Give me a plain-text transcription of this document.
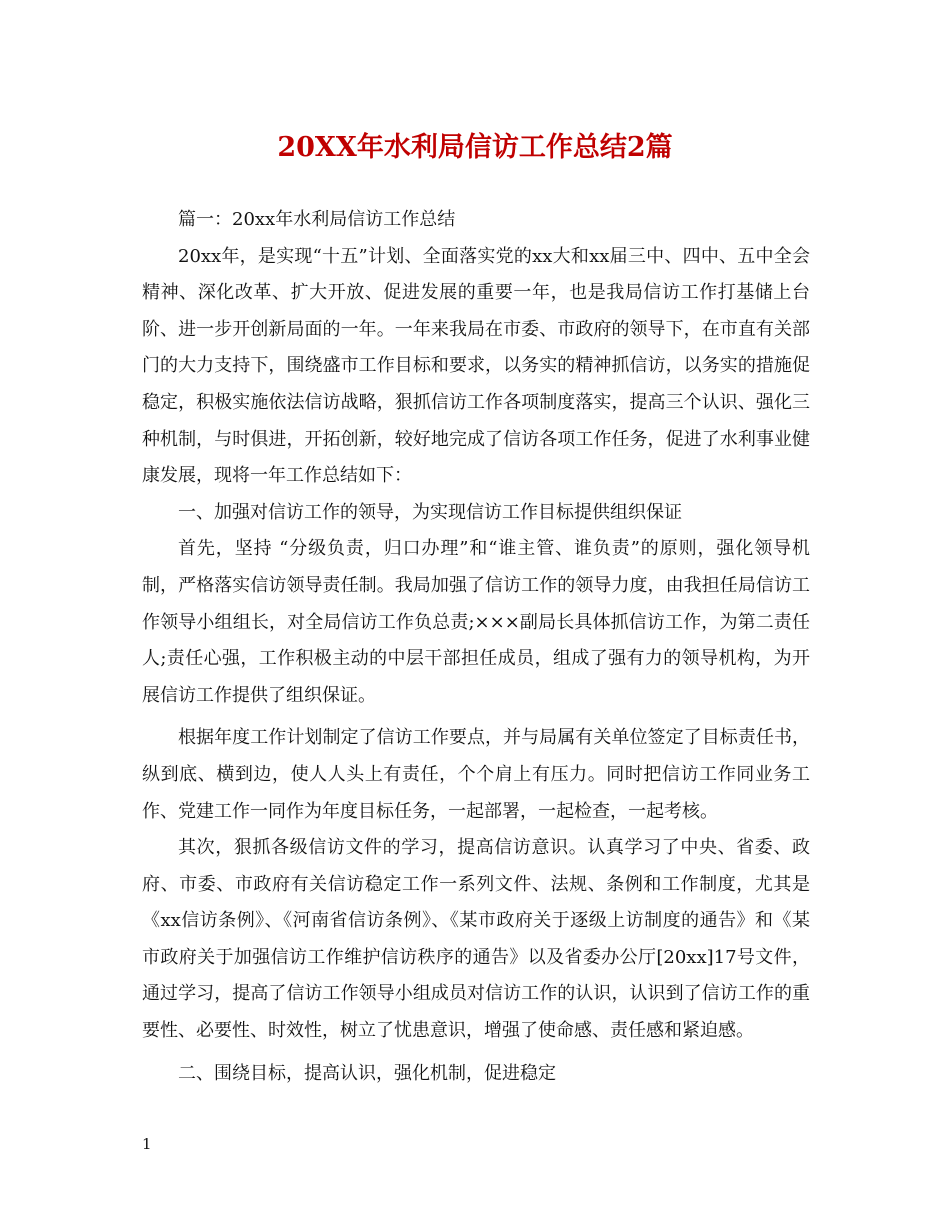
20XX年水利局信访工作总结2篇

篇一：20xx年水利局信访工作总结

20xx年，是实现“十五”计划、全面落实党的xx大和xx届三中、四中、五中全会精神、深化改革、扩大开放、促进发展的重要一年，也是我局信访工作打基储上台阶、进一步开创新局面的一年。一年来我局在市委、市政府的领导下，在市直有关部门的大力支持下，围绕盛市工作目标和要求，以务实的精神抓信访，以务实的措施促稳定，积极实施依法信访战略，狠抓信访工作各项制度落实，提高三个认识、强化三种机制，与时俱进，开拓创新，较好地完成了信访各项工作任务，促进了水利事业健康发展，现将一年工作总结如下：

一、加强对信访工作的领导，为实现信访工作目标提供组织保证

首先，坚持 “分级负责，归口办理”和“谁主管、谁负责”的原则，强化领导机制，严格落实信访领导责任制。我局加强了信访工作的领导力度，由我担任局信访工作领导小组组长，对全局信访工作负总责;×××副局长具体抓信访工作，为第二责任人;责任心强，工作积极主动的中层干部担任成员，组成了强有力的领导机构，为开展信访工作提供了组织保证。

根据年度工作计划制定了信访工作要点，并与局属有关单位签定了目标责任书，纵到底、横到边，使人人头上有责任，个个肩上有压力。同时把信访工作同业务工作、党建工作一同作为年度目标任务，一起部署，一起检查，一起考核。

其次，狠抓各级信访文件的学习，提高信访意识。认真学习了中央、省委、政府、市委、市政府有关信访稳定工作一系列文件、法规、条例和工作制度，尤其是《xx信访条例》、《河南省信访条例》、《某市政府关于逐级上访制度的通告》和《某市政府关于加强信访工作维护信访秩序的通告》以及省委办公厅[20xx]17号文件，通过学习，提高了信访工作领导小组成员对信访工作的认识，认识到了信访工作的重要性、必要性、时效性，树立了忧患意识，增强了使命感、责任感和紧迫感。

二、围绕目标，提高认识，强化机制，促进稳定

1
